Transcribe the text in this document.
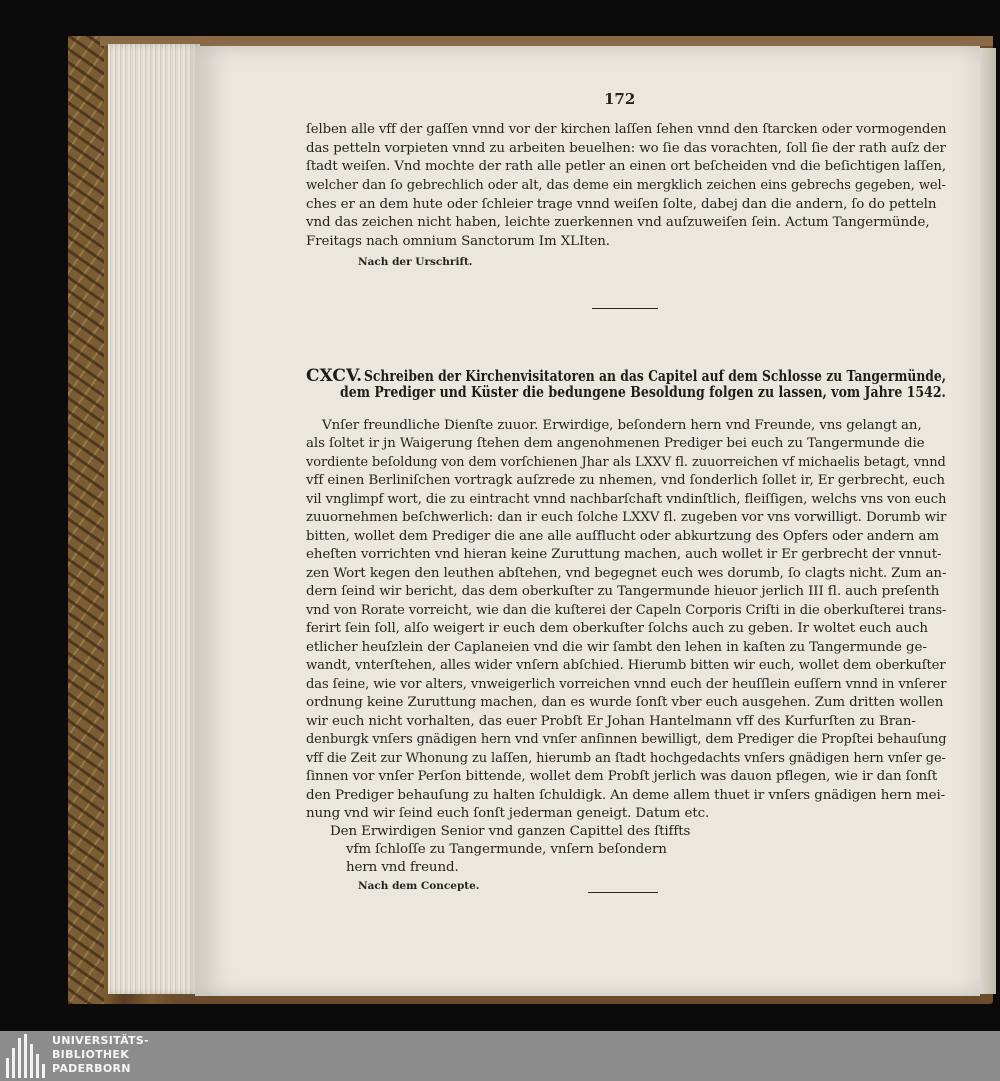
172
ſelben alle vff der gaſſen vnnd vor der kirchen laſſen ſehen vnnd den ſtarcken oder vormogenden
das petteln vorpieten vnnd zu arbeiten beuelhen: wo ſie das vorachten, ſoll ſie der rath auſz der
ſtadt weiſen. Vnd mochte der rath alle petler an einen ort beſcheiden vnd die beſichtigen laſſen,
welcher dan ſo gebrechlich oder alt, das deme ein mergklich zeichen eins gebrechs gegeben, wel-
ches er an dem hute oder ſchleier trage vnnd weiſen ſolte, dabej dan die andern, ſo do petteln
vnd das zeichen nicht haben, leichte zuerkennen vnd auſzuweiſen ſein. Actum Tangermünde,
Freitags nach omnium Sanctorum Im XLIten.
Nach der Urschrift.
CXCV. Schreiben der Kirchenvisitatoren an das Capitel auf dem Schlosse zu Tangermünde,
dem Prediger und Küster die bedungene Besoldung folgen zu lassen, vom Jahre 1542.
Vnſer freundliche Dienſte zuuor. Erwirdige, beſondern hern vnd Freunde, vns gelangt an,
als ſoltet ir jn Waigerung ſtehen dem angenohmenen Prediger bei euch zu Tangermunde die
vordiente beſoldung von dem vorſchienen Jhar als LXXV fl. zuuorreichen vf michaelis betagt, vnnd
vff einen Berliniſchen vortragk auſzrede zu nhemen, vnd ſonderlich ſollet ir, Er gerbrecht, euch
vil vnglimpf wort, die zu eintracht vnnd nachbarſchaft vndinſtlich, fleiſſigen, welchs vns von euch
zuuornehmen beſchwerlich: dan ir euch ſolche LXXV fl. zugeben vor vns vorwilligt. Dorumb wir
bitten, wollet dem Prediger die ane alle auſflucht oder abkurtzung des Opfers oder andern am
eheſten vorrichten vnd hieran keine Zuruttung machen, auch wollet ir Er gerbrecht der vnnut-
zen Wort kegen den leuthen abſtehen, vnd begegnet euch wes dorumb, ſo clagts nicht. Zum an-
dern ſeind wir bericht, das dem oberkuſter zu Tangermunde hieuor jerlich III fl. auch preſenth
vnd von Rorate vorreicht, wie dan die kuſterei der Capeln Corporis Criſti in die oberkuſterei trans-
ferirt ſein ſoll, alſo weigert ir euch dem oberkuſter ſolchs auch zu geben. Ir woltet euch auch
etlicher heuſzlein der Caplaneien vnd die wir ſambt den lehen in kaſten zu Tangermunde ge-
wandt, vnterſtehen, alles wider vnſern abſchied. Hierumb bitten wir euch, wollet dem oberkuſter
das ſeine, wie vor alters, vnweigerlich vorreichen vnnd euch der heuſſlein euſſern vnnd in vnſerer
ordnung keine Zuruttung machen, dan es wurde ſonſt vber euch ausgehen. Zum dritten wollen
wir euch nicht vorhalten, das euer Probſt Er Johan Hantelmann vff des Kurfurſten zu Bran-
denburgk vnſers gnädigen hern vnd vnſer anſinnen bewilligt, dem Prediger die Propſtei behauſung
vff die Zeit zur Whonung zu laſſen, hierumb an ſtadt hochgedachts vnſers gnädigen hern vnſer ge-
ſinnen vor vnſer Perſon bittende, wollet dem Probſt jerlich was dauon pflegen, wie ir dan ſonſt
den Prediger behauſung zu halten ſchuldigk. An deme allem thuet ir vnſers gnädigen hern mei-
nung vnd wir ſeind euch ſonſt jederman geneigt. Datum etc.
Den Erwirdigen Senior vnd ganzen Capittel des ſtiffts
vfm ſchloſſe zu Tangermunde, vnſern beſondern
hern vnd freund.
Nach dem Concepte.
UNIVERSITÄTS-
BIBLIOTHEK
PADERBORN
